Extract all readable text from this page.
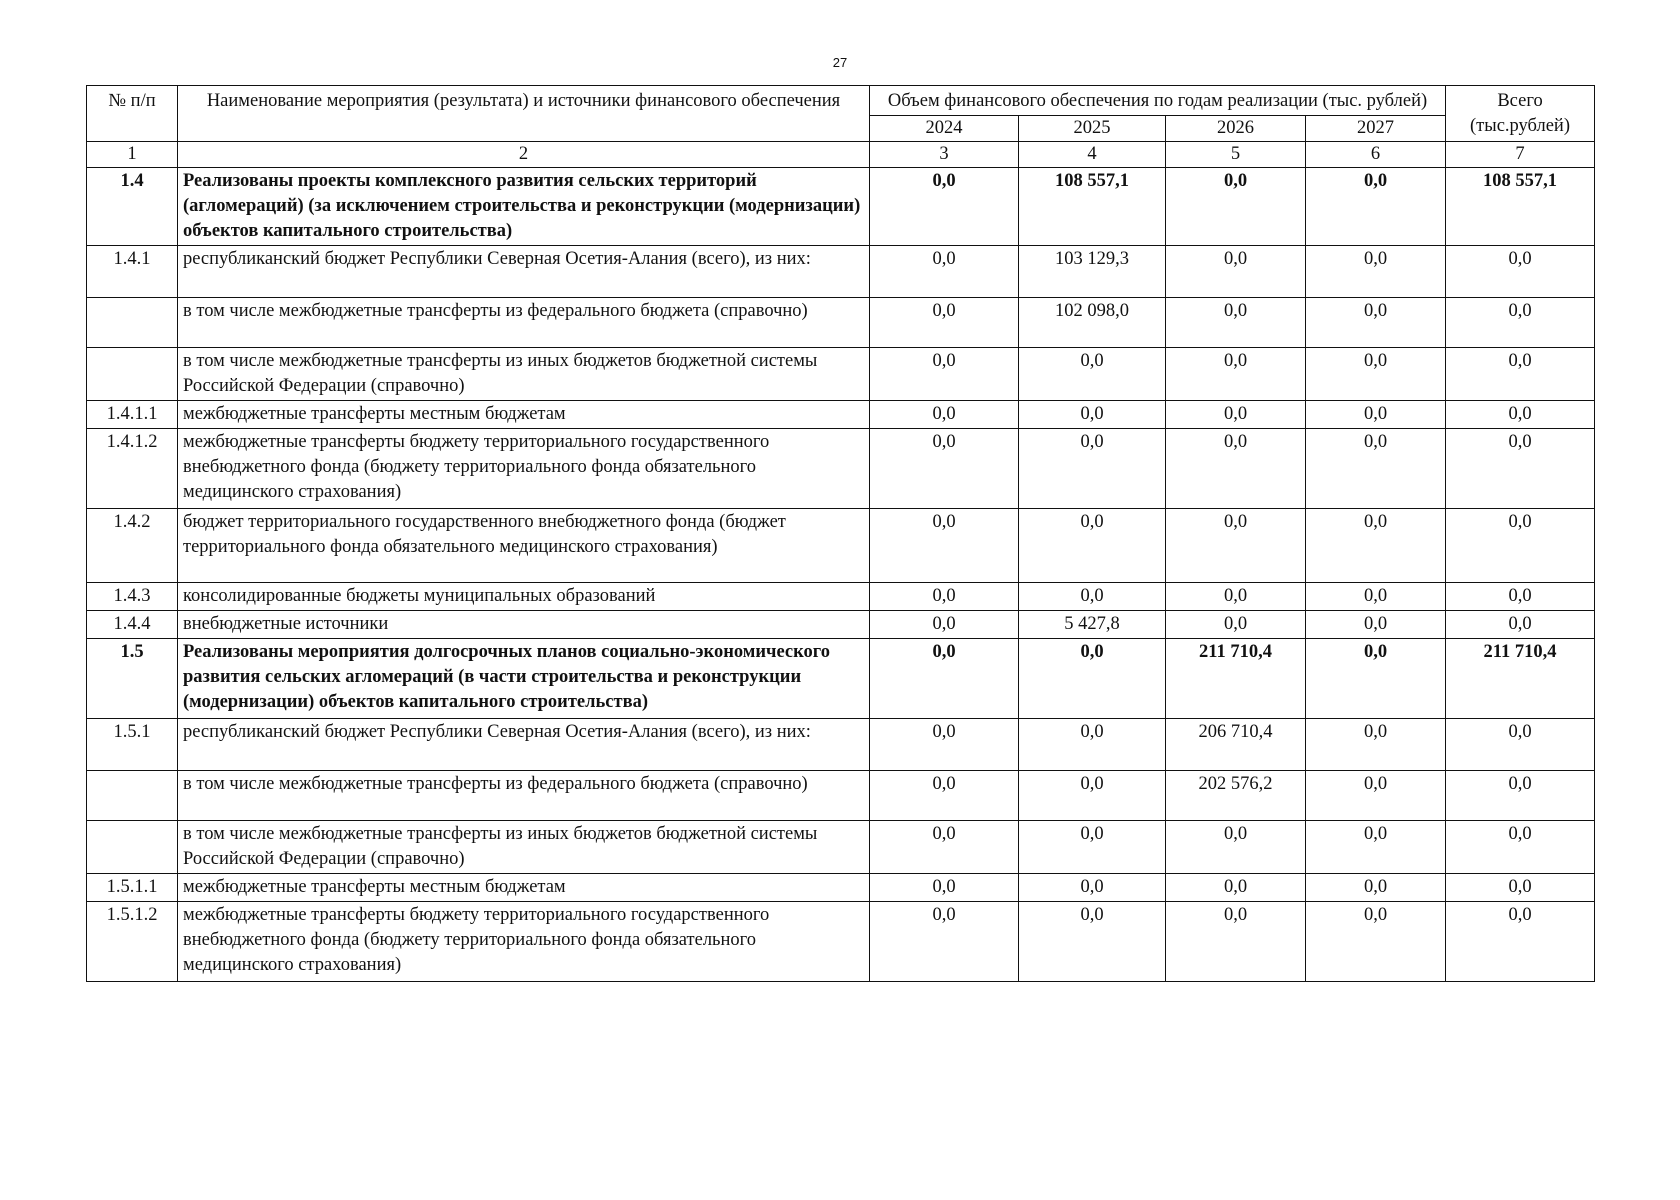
27
№ п/п	Наименование мероприятия (результата) и источники финансового обеспечения	Объем финансового обеспечения по годам реализации (тыс. рублей)				Всего (тыс.рублей)
		2024	2025	2026	2027	
1	2	3	4	5	6	7
1.4	Реализованы проекты комплексного развития сельских территорий (агломераций) (за исключением строительства и реконструкции (модернизации) объектов капитального строительства)	0,0	108 557,1	0,0	0,0	108 557,1
1.4.1	республиканский бюджет Республики Северная Осетия-Алания (всего), из них:	0,0	103 129,3	0,0	0,0	0,0
	в том числе межбюджетные трансферты из федерального бюджета (справочно)	0,0	102 098,0	0,0	0,0	0,0
	в том числе межбюджетные трансферты из иных бюджетов бюджетной системы Российской Федерации (справочно)	0,0	0,0	0,0	0,0	0,0
1.4.1.1	межбюджетные трансферты местным бюджетам	0,0	0,0	0,0	0,0	0,0
1.4.1.2	межбюджетные трансферты бюджету территориального государственного внебюджетного фонда (бюджету территориального фонда обязательного медицинского страхования)	0,0	0,0	0,0	0,0	0,0
1.4.2	бюджет территориального государственного внебюджетного фонда (бюджет территориального фонда обязательного медицинского страхования)	0,0	0,0	0,0	0,0	0,0
1.4.3	консолидированные бюджеты муниципальных образований	0,0	0,0	0,0	0,0	0,0
1.4.4	внебюджетные источники	0,0	5 427,8	0,0	0,0	0,0
1.5	Реализованы мероприятия долгосрочных планов социально-экономического развития сельских агломераций (в части строительства и реконструкции (модернизации) объектов капитального строительства)	0,0	0,0	211 710,4	0,0	211 710,4
1.5.1	республиканский бюджет Республики Северная Осетия-Алания (всего), из них:	0,0	0,0	206 710,4	0,0	0,0
	в том числе межбюджетные трансферты из федерального бюджета (справочно)	0,0	0,0	202 576,2	0,0	0,0
	в том числе межбюджетные трансферты из иных бюджетов бюджетной системы Российской Федерации (справочно)	0,0	0,0	0,0	0,0	0,0
1.5.1.1	межбюджетные трансферты местным бюджетам	0,0	0,0	0,0	0,0	0,0
1.5.1.2	межбюджетные трансферты бюджету территориального государственного внебюджетного фонда (бюджету территориального фонда обязательного медицинского страхования)	0,0	0,0	0,0	0,0	0,0
